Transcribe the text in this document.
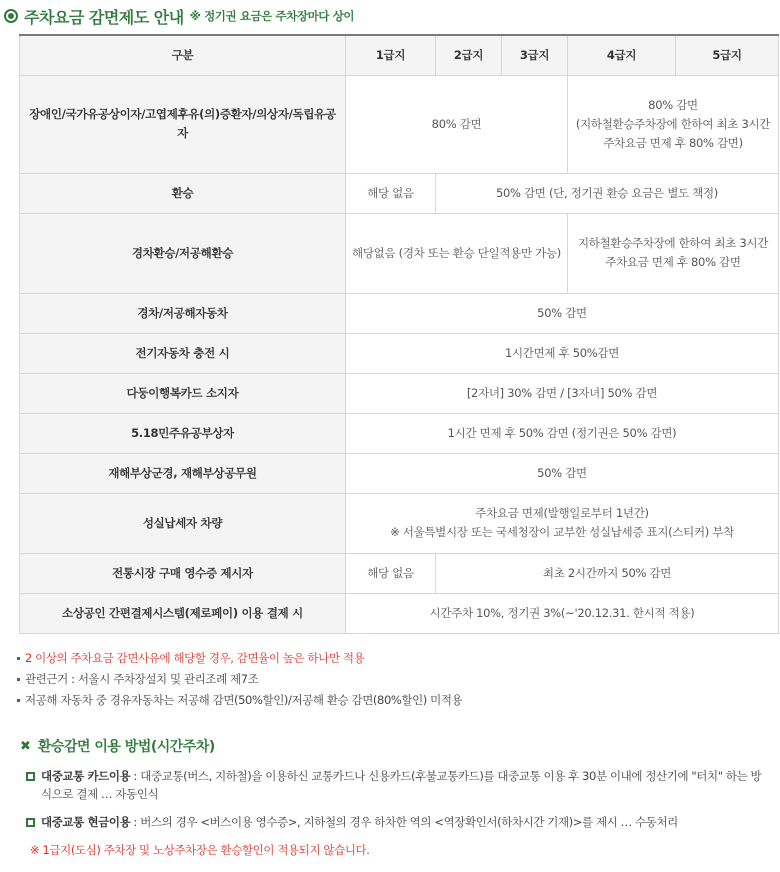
주차요금 감면제도 안내 ※ 정기권 요금은 주차장마다 상이
구분	1급지	2급지	3급지	4급지	5급지
장애인/국가유공상이자/고엽제후유(의)증환자/의상자/독립유공자	80% 감면			80% 감면
(지하철환승주차장에 한하여 최초 3시간 주차요금 면제 후 80% 감면)	

환승	해당 없음	50% 감면 (단, 정기권 환승 요금은 별도 책정)			
경차환승/저공해환승	해당없음 (경차 또는 환승 단일적용만 가능)			지하철환승주차장에 한하여 최초 3시간 주차요금 면제 후 80% 감면	
경차/저공해자동차	50% 감면				
전기자동차 충전 시	1시간면제 후 50%감면				
다둥이행복카드 소지자	[2자녀] 30% 감면 / [3자녀] 50% 감면				
5.18민주유공부상자	1시간 면제 후 50% 감면 (정기권은 50% 감면)				
재해부상군경, 재해부상공무원	50% 감면				
성실납세자 차량	주차요금 면제(발행일로부터 1년간)
※ 서울특별시장 또는 국세청장이 교부한 성실납세증 표지(스티커) 부착				

전통시장 구매 영수증 제시자	해당 없음	최초 2시간까지 50% 감면			
소상공인 간편결제시스템(제로페이) 이용 결제 시	시간주차 10%, 정기권 3%(~'20.12.31. 한시적 적용)				
2 이상의 주차요금 감면사유에 해당할 경우, 감면율이 높은 하나만 적용
관련근거 : 서울시 주차장설치 및 관리조례 제7조
저공해 자동차 중 경유자동차는 저공해 감면(50%할인)/저공해 환승 감면(80%할인) 미적용
✖ 환승감면 이용 방법(시간주차)
대중교통 카드이용 : 대중교통(버스, 지하철)을 이용하신 교통카드나 신용카드(후불교통카드)를 대중교통 이용 후 30분 이내에 정산기에 "터치" 하는 방식으로 결제 … 자동인식
대중교통 현금이용 : 버스의 경우 <버스이용 영수증>, 지하철의 경우 하차한 역의 <역장확인서(하차시간 기재)>를 제시 … 수동처리
※ 1급지(도심) 주차장 및 노상주차장은 환승할인이 적용되지 않습니다.
